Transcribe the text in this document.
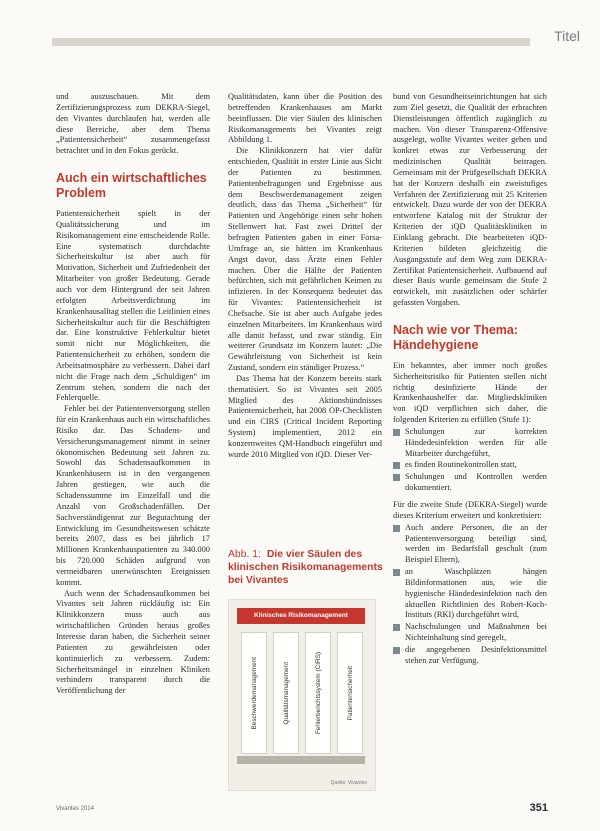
Titel

und auszuschauen. Mit dem Zertifizierungsprozess zum DEKRA-Siegel, den Vivantes durchlaufen hat, werden alle diese Bereiche, aber dem Thema „Patientensicherheit“ zusammengefasst betrachtet und in den Fokus gerückt.

Auch ein wirtschaftliches Problem

Patientensicherheit spielt in der Qualitätssicherung und im Risikomanagement eine entscheidende Rolle. Eine systematisch durchdachte Sicherheitskultur ist aber auch für Motivation, Sicherheit und Zufriedenheit der Mitarbeiter von großer Bedeutung. Gerade auch vor dem Hintergrund der seit Jahren erfolgten Arbeitsverdichtung im Krankenhausalltag stellen die Leitlinien eines Sicherheitskultur auch für die Beschäftigten dar. Eine konstruktive Fehlerkultur bietet somit nicht nur Möglichkeiten, die Patientensicherheit zu erhöhen, sondern die Arbeitsatmosphäre zu verbessern. Dabei darf nicht die Frage nach dem „Schuldigen“ im Zentrum stehen, sondern die nach der Fehlerquelle.

Fehler bei der Patientenversorgung stellen für ein Krankenhaus auch ein wirtschaftliches Risiko dar. Das Schadens- und Versicherungsmanagement nimmt in seiner ökonomischen Bedeutung seit Jahren zu. Sowohl das Schadensaufkommen in Krankenhäusern ist in den vergangenen Jahren gestiegen, wie auch die Schadenssumme im Einzelfall und die Anzahl von Großschadenfällen. Der Sachverständigenrat zur Begutachtung der Entwicklung im Gesundheitswesen schätzte bereits 2007, dass es bei jährlich 17 Millionen Krankenhauspatienten zu 340.000 bis 720.000 Schäden aufgrund von vermeidbaren unerwünschten Ereignissen kommt.

Auch wenn der Schadensaufkommen bei Vivantes seit Jahren rückläufig ist: Ein Klinikkonzern muss auch aus wirtschaftlichen Gründen heraus großes Interesse daran haben, die Sicherheit seiner Patienten zu gewährleisten oder kontinuierlich zu verbessern. Zudem: Sicherheitsmängel in einzelnen Kliniken verhindern transparent durch die Veröffentlichung der

Qualitätsdaten, kann über die Position des betreffenden Krankenhauses am Markt beeinflussen. Die vier Säulen des klinischen Risikomanagements bei Vivantes zeigt Abbildung 1.

Die Klinikkonzern hat vier dafür entschieden, Qualität in erster Linie aus Sicht der Patienten zu bestimmen. Patientenbefragungen und Ergebnisse aus dem Beschwerdemanagement zeigen deutlich, dass das Thema „Sicherheit“ für Patienten und Angehörige einen sehr hohen Stellenwert hat. Fast zwei Drittel der befragten Patienten gaben in einer Forsa-Umfrage an, sie hätten im Krankenhaus Angst davor, dass Ärzte einen Fehler machen. Über die Hälfte der Patienten befürchten, sich mit gefährlichen Keimen zu infizieren. In der Konsequenz bedeutet das für Vivantes: Patientensicherheit ist Chefsache. Sie ist aber auch Aufgabe jedes einzelnen Mitarbeiters. Im Krankenhaus wird alle damit befasst, und zwar ständig. Ein weiterer Grundsatz im Konzern lautet: „Die Gewährleistung von Sicherheit ist kein Zustand, sondern ein ständiger Prozess.“

Das Thema hat der Konzern bereits stark thematisiert. So ist Vivantes seit 2005 Mitglied des Aktionsbündnisses Patientensicherheit, hat 2008 OP-Checklisten und ein CIRS (Critical Incident Reporting System) implementiert, 2012 ein konzernweites QM-Handbuch eingeführt und wurde 2010 Mitglied von iQD. Dieser Ver-

Abb. 1: Die vier Säulen des klinischen Risikomanagements bei Vivantes
Klinisches Risikomanagement
Beschwerdemanagement	Qualitätsmanagement	Fehlerberichtssystem (CIRS)	Patientensicherheit
Quelle: Vivantes

bund von Gesundheitseinrichtungen hat sich zum Ziel gesetzt, die Qualität der erbrachten Dienstleistungen öffentlich zugänglich zu machen. Von dieser Transparenz-Offensive ausgelegt, wollte Vivantes weiter gehen und konkret etwas zur Verbesserung der medizinischen Qualität beitragen. Gemeinsam mit der Prüfgesellschaft DEKRA hat der Konzern deshalb ein zweistufiges Verfahren der Zertifizierung mit 25 Kriterien entwickelt. Dazu wurde der von der DEKRA entworfene Katalog mit der Struktur der Kriterien der iQD Qualitätskliniken in Einklang gebracht. Die bearbeiteten iQD-Kriterien bildeten gleichzeitig die Ausgangsstufe auf dem Weg zum DEKRA-Zertifikat Patientensicherheit. Aufbauend auf dieser Basis wurde gemeinsam die Stufe 2 entwickelt, mit zusätzlichen oder schärfer gefassten Vorgaben.

Nach wie vor Thema: Händehygiene

Ein bekanntes, aber immer noch großes Sicherheitsrisiko für Patienten stellen nicht richtig desinfizierte Hände der Krankenhaushelfer dar. Mitgliedskliniken von iQD verpflichten sich daher, die folgenden Kriterien zu erfüllen (Stufe 1):

Schulungen zur korrekten Händedesinfektion werden für alle Mitarbeiter durchgeführt,
es finden Routinekontrollen statt,
Schulungen und Kontrollen werden dokumentiert.

Für die zweite Stufe (DEKRA-Siegel) wurde dieses Kriterium erweitert und konkretisiert:

Auch andere Personen, die an der Patientenversorgung beteiligt sind, werden im Bedarfsfall geschult (zum Beispiel Eltern),
an Waschplätzen hängen Bildinformationen aus, wie die hygienische Händedesinfektion nach den aktuellen Richtlinien des Robert-Koch-Instituts (RKI) durchgeführt wird,
Nachschulungen und Maßnahmen bei Nichteinhaltung sind geregelt,
die angegebenen Desinfektionsmittel stehen zur Verfügung.
Vivantes 2014	351
